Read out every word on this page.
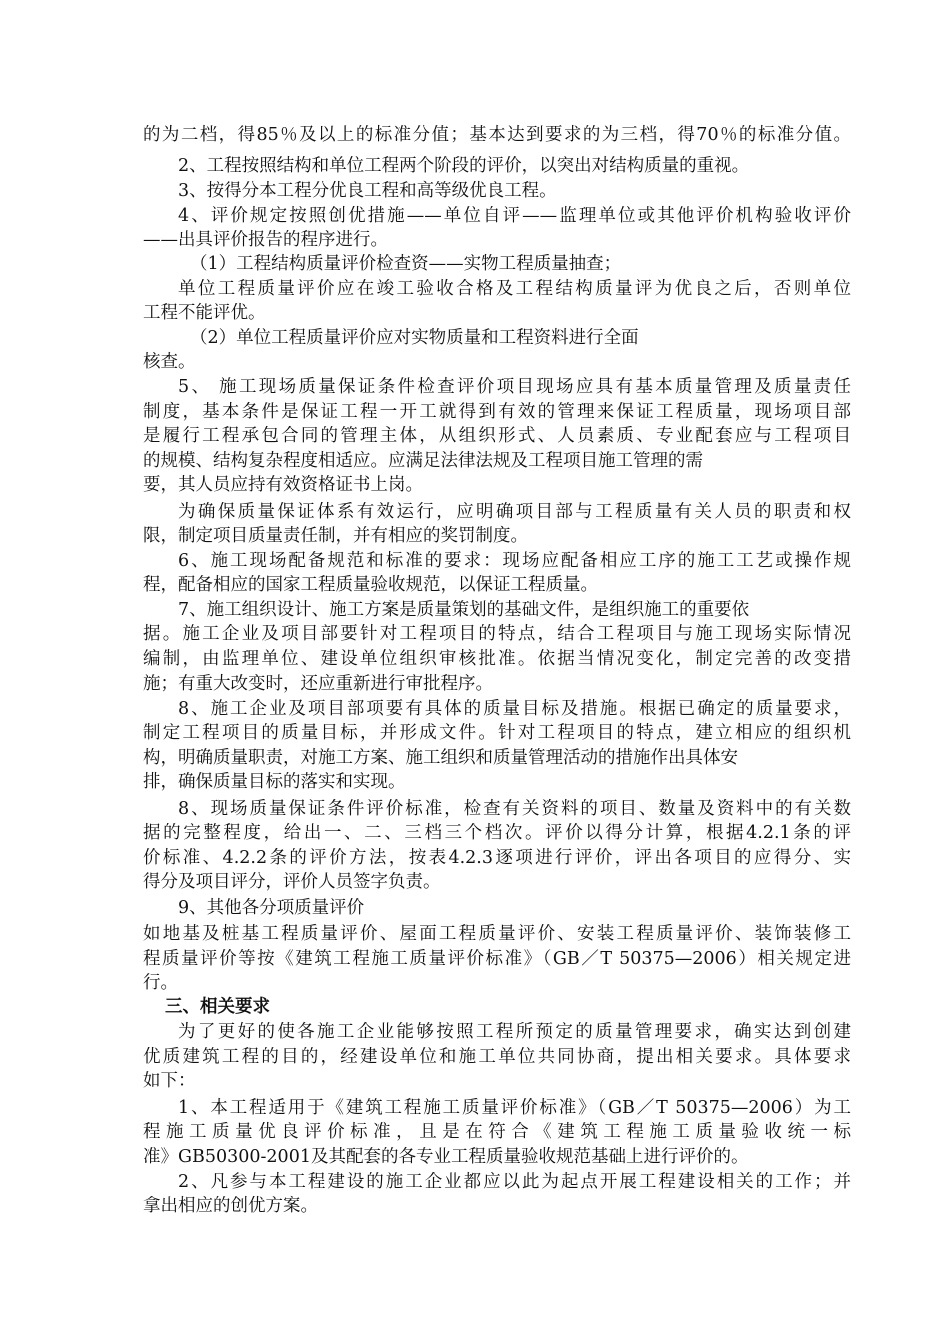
的为二档，得85％及以上的标准分值；基本达到要求的为三档，得70％的标准分值。
2、工程按照结构和单位工程两个阶段的评价，以突出对结构质量的重视。
3、按得分本工程分优良工程和高等级优良工程。
4、评价规定按照创优措施——单位自评——监理单位或其他评价机构验收评价
——出具评价报告的程序进行。
（1）工程结构质量评价检查资——实物工程质量抽查；
单位工程质量评价应在竣工验收合格及工程结构质量评为优良之后，否则单位
工程不能评优。
（2）单位工程质量评价应对实物质量和工程资料进行全面
核查。
5、 施工现场质量保证条件检查评价项目现场应具有基本质量管理及质量责任
制度，基本条件是保证工程一开工就得到有效的管理来保证工程质量，现场项目部
是履行工程承包合同的管理主体，从组织形式、人员素质、专业配套应与工程项目
的规模、结构复杂程度相适应。应满足法律法规及工程项目施工管理的需
要，其人员应持有效资格证书上岗。
为确保质量保证体系有效运行，应明确项目部与工程质量有关人员的职责和权
限，制定项目质量责任制，并有相应的奖罚制度。
6、施工现场配备规范和标准的要求：现场应配备相应工序的施工工艺或操作规
程，配备相应的国家工程质量验收规范，以保证工程质量。
7、施工组织设计、施工方案是质量策划的基础文件，是组织施工的重要依
据。施工企业及项目部要针对工程项目的特点，结合工程项目与施工现场实际情况
编制，由监理单位、建设单位组织审核批准。依据当情况变化，制定完善的改变措
施；有重大改变时，还应重新进行审批程序。
8、施工企业及项目部项要有具体的质量目标及措施。根据已确定的质量要求，
制定工程项目的质量目标，并形成文件。针对工程项目的特点，建立相应的组织机
构，明确质量职责，对施工方案、施工组织和质量管理活动的措施作出具体安
排，确保质量目标的落实和实现。
8、现场质量保证条件评价标准，检查有关资料的项目、数量及资料中的有关数
据的完整程度，给出一、二、三档三个档次。评价以得分计算，根据4.2.1条的评
价标准、4.2.2条的评价方法，按表4.2.3逐项进行评价，评出各项目的应得分、实
得分及项目评分，评价人员签字负责。
9、其他各分项质量评价
如地基及桩基工程质量评价、屋面工程质量评价、安装工程质量评价、装饰装修工
程质量评价等按《建筑工程施工质量评价标准》（GB／T 50375—2006）相关规定进
行。
三、相关要求
为了更好的使各施工企业能够按照工程所预定的质量管理要求，确实达到创建
优质建筑工程的目的，经建设单位和施工单位共同协商，提出相关要求。具体要求
如下：
1、本工程适用于《建筑工程施工质量评价标准》（GB／T 50375—2006）为工
程施工质量优良评价标准，且是在符合《建筑工程施工质量验收统一标
准》GB50300-2001及其配套的各专业工程质量验收规范基础上进行评价的。
2、凡参与本工程建设的施工企业都应以此为起点开展工程建设相关的工作；并
拿出相应的创优方案。
